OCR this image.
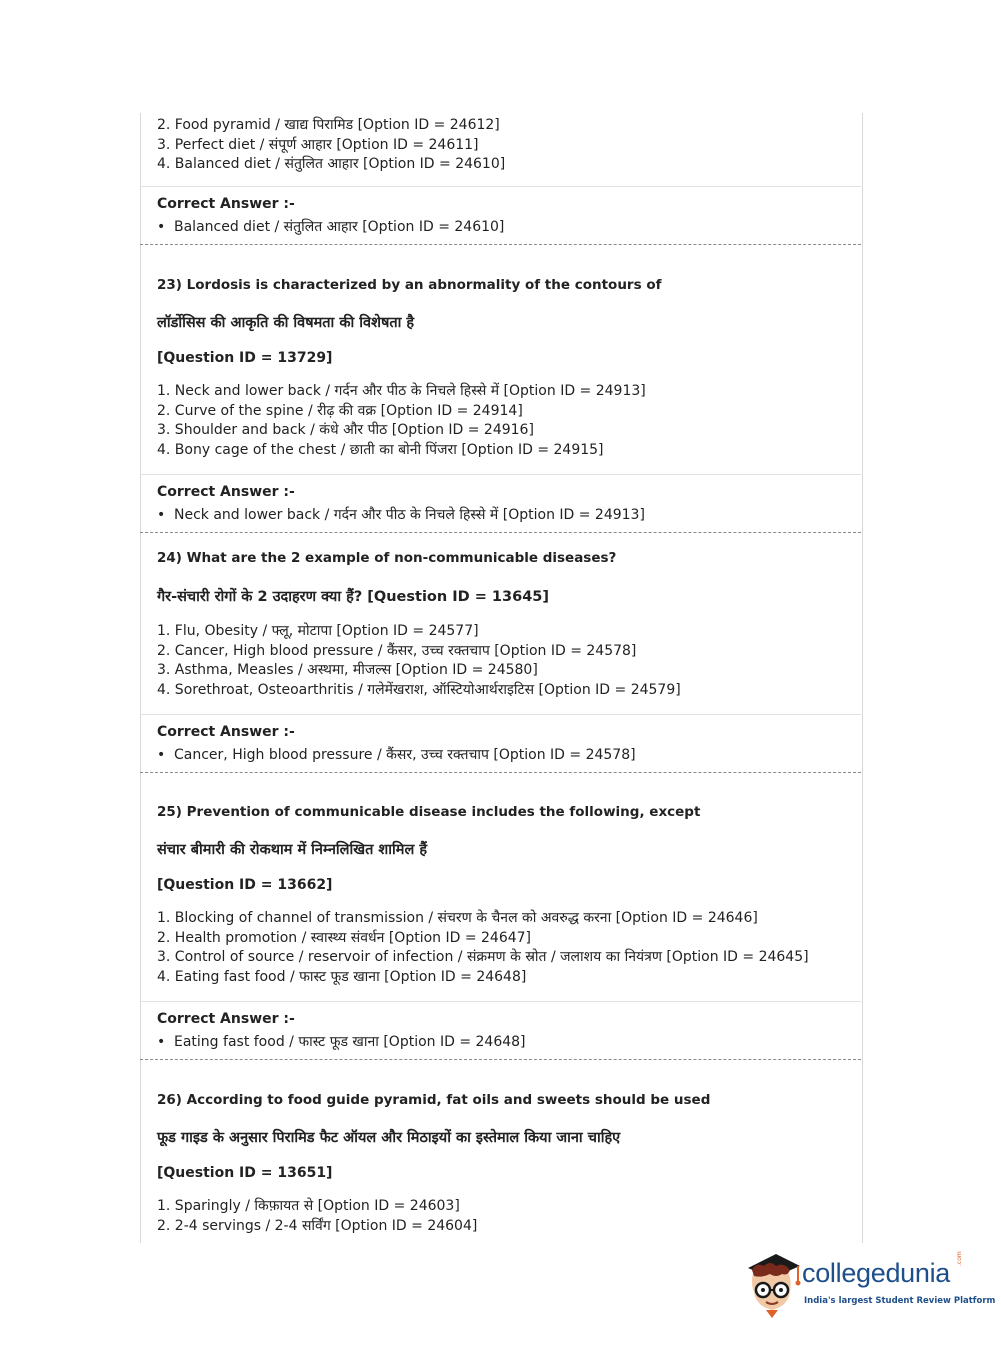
2. Food pyramid / खाद्य पिरामिड [Option ID = 24612]
3. Perfect diet / संपूर्ण आहार [Option ID = 24611]
4. Balanced diet / संतुलित आहार [Option ID = 24610]
Correct Answer :-
• Balanced diet / संतुलित आहार [Option ID = 24610]
23) Lordosis is characterized by an abnormality of the contours of
लॉर्डोसिस की आकृति की विषमता की विशेषता है
[Question ID = 13729]
1. Neck and lower back / गर्दन और पीठ के निचले हिस्से में [Option ID = 24913]
2. Curve of the spine / रीढ़ की वक्र [Option ID = 24914]
3. Shoulder and back / कंधे और पीठ [Option ID = 24916]
4. Bony cage of the chest / छाती का बोनी पिंजरा [Option ID = 24915]
Correct Answer :-
• Neck and lower back / गर्दन और पीठ के निचले हिस्से में [Option ID = 24913]
24) What are the 2 example of non-communicable diseases?
गैर-संचारी रोगों के 2 उदाहरण क्या हैं? [Question ID = 13645]
1. Flu, Obesity / फ्लू, मोटापा [Option ID = 24577]
2. Cancer, High blood pressure / कैंसर, उच्च रक्तचाप [Option ID = 24578]
3. Asthma, Measles / अस्थमा, मीजल्स [Option ID = 24580]
4. Sorethroat, Osteoarthritis / गलेमेंखराश, ऑस्टियोआर्थराइटिस [Option ID = 24579]
Correct Answer :-
• Cancer, High blood pressure / कैंसर, उच्च रक्तचाप [Option ID = 24578]
25) Prevention of communicable disease includes the following, except
संचार बीमारी की रोकथाम में निम्नलिखित शामिल हैं
[Question ID = 13662]
1. Blocking of channel of transmission / संचरण के चैनल को अवरुद्ध करना [Option ID = 24646]
2. Health promotion / स्वास्थ्य संवर्धन [Option ID = 24647]
3. Control of source / reservoir of infection / संक्रमण के स्रोत / जलाशय का नियंत्रण [Option ID = 24645]
4. Eating fast food / फास्ट फूड खाना [Option ID = 24648]
Correct Answer :-
• Eating fast food / फास्ट फूड खाना [Option ID = 24648]
26) According to food guide pyramid, fat oils and sweets should be used
फूड गाइड के अनुसार पिरामिड फैट ऑयल और मिठाइयों का इस्तेमाल किया जाना चाहिए
[Question ID = 13651]
1. Sparingly / किफ़ायत से [Option ID = 24603]
2. 2-4 servings / 2-4 सर्विंग [Option ID = 24604]
collegedunia .com
India's largest Student Review Platform
